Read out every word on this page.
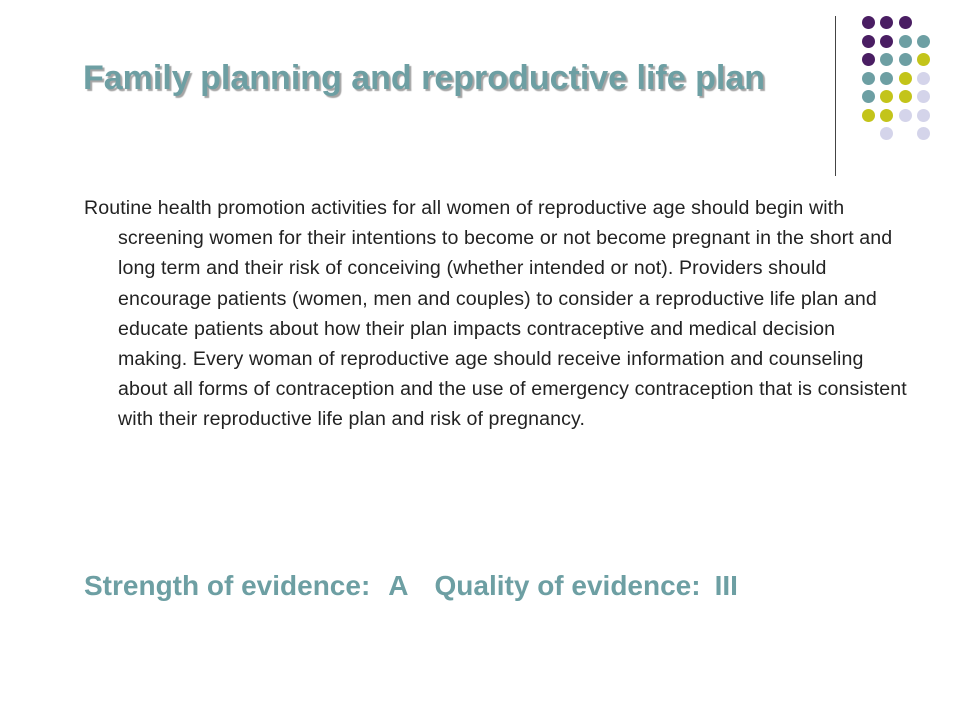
Family planning and reproductive life plan

Routine health promotion activities for all women of reproductive age should begin with screening women for their intentions to become or not become pregnant in the short and long term and their risk of conceiving (whether intended or not). Providers should encourage patients (women, men and couples) to consider a reproductive life plan and educate patients about how their plan impacts contraceptive and medical decision making. Every woman of reproductive age should receive information and counseling about all forms of contraception and the use of emergency contraception that is consistent with their reproductive life plan and risk of pregnancy.

Strength of evidence: A Quality of evidence: III
